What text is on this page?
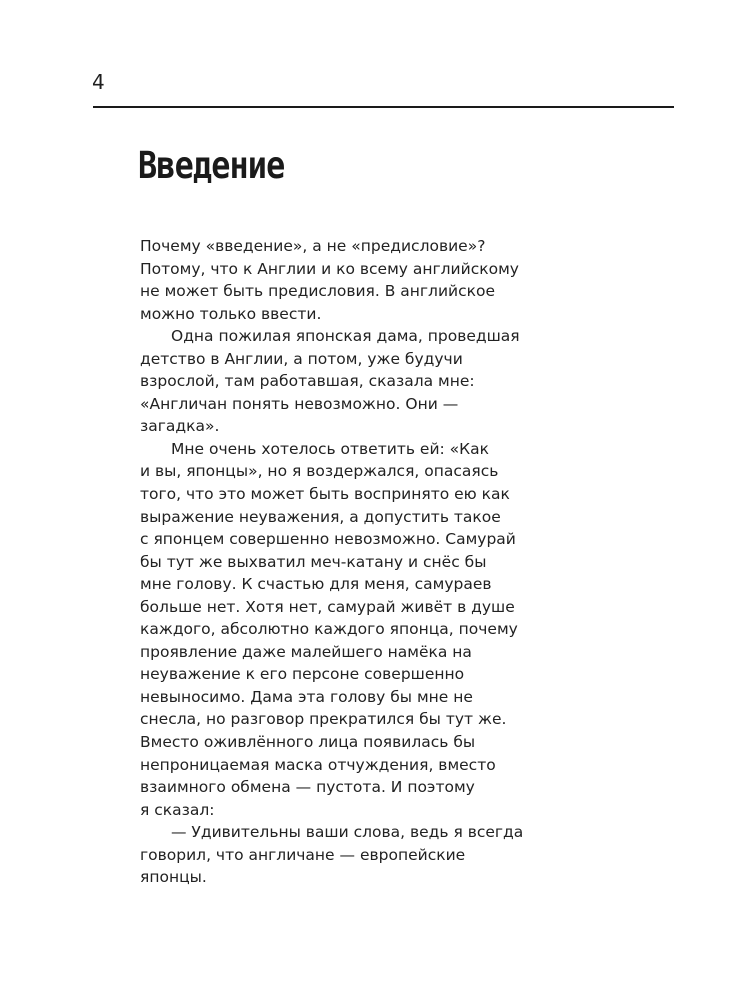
4
Введение
Почему «введение», а не «предисловие»?
Потому, что к Англии и ко всему английскому
не может быть предисловия. В английское
можно только ввести.
Одна пожилая японская дама, проведшая
детство в Англии, а потом, уже будучи
взрослой, там работавшая, сказала мне:
«Англичан понять невозможно. Они —
загадка».
Мне очень хотелось ответить ей: «Как
и вы, японцы», но я воздержался, опасаясь
того, что это может быть воспринято ею как
выражение неуважения, а допустить такое
с японцем совершенно невозможно. Самурай
бы тут же выхватил меч-катану и снёс бы
мне голову. К счастью для меня, самураев
больше нет. Хотя нет, самурай живёт в душе
каждого, абсолютно каждого японца, почему
проявление даже малейшего намёка на
неуважение к его персоне совершенно
невыносимо. Дама эта голову бы мне не
снесла, но разговор прекратился бы тут же.
Вместо оживлённого лица появилась бы
непроницаемая маска отчуждения, вместо
взаимного обмена — пустота. И поэтому
я сказал:
— Удивительны ваши слова, ведь я всегда
говорил, что англичане — европейские
японцы.
